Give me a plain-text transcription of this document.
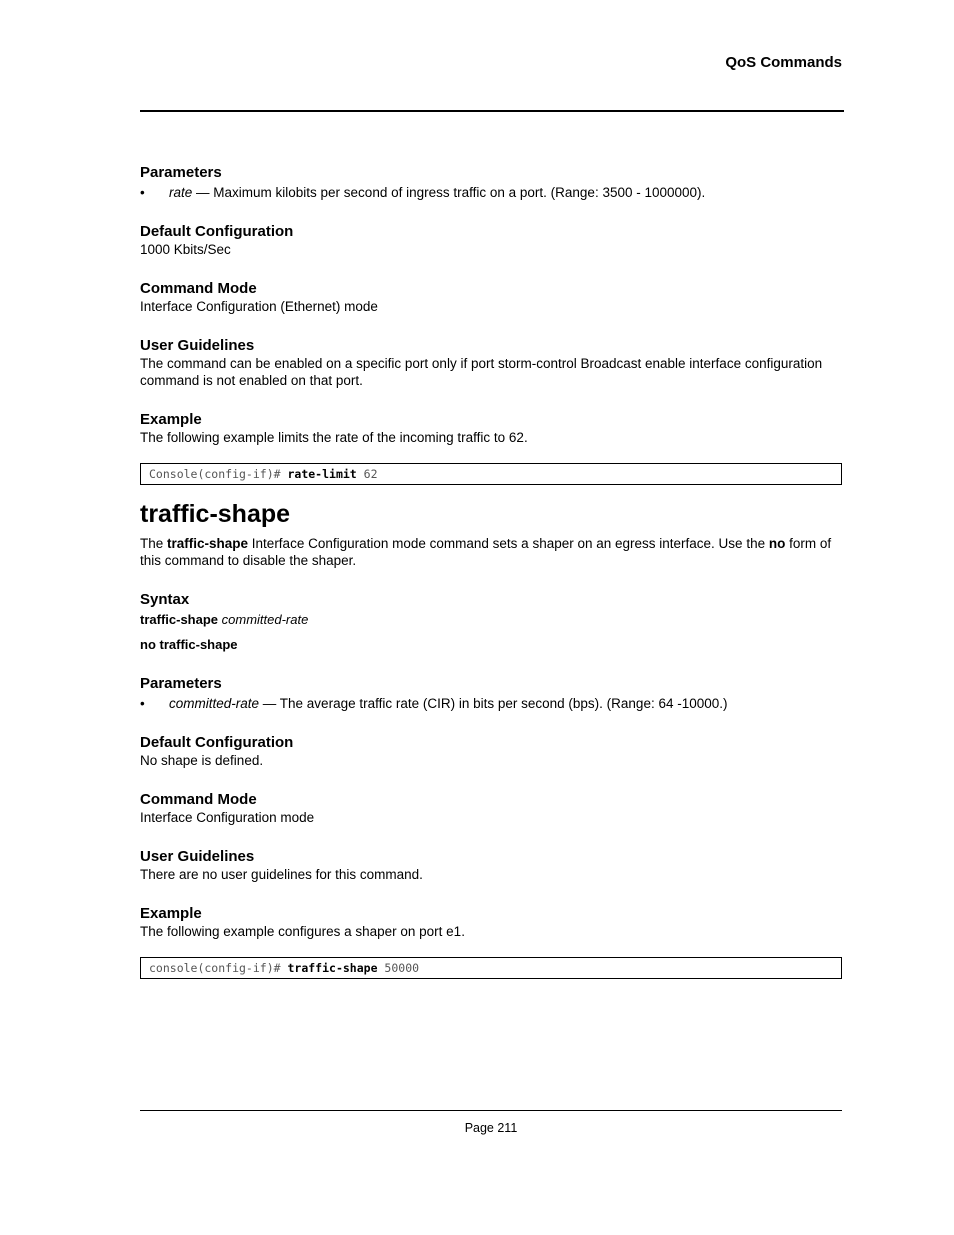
QoS Commands
Parameters
•	rate — Maximum kilobits per second of ingress traffic on a port. (Range: 3500 - 1000000).
Default Configuration

1000 Kbits/Sec

Command Mode

Interface Configuration (Ethernet) mode

User Guidelines

The command can be enabled on a specific port only if port storm-control Broadcast enable interface configuration command is not enabled on that port.

Example

The following example limits the rate of the incoming traffic to 62.

Console(config-if)# rate-limit 62
traffic-shape

The traffic-shape Interface Configuration mode command sets a shaper on an egress interface. Use the no form of this command to disable the shaper.

Syntax
traffic-shape committed-rate
no traffic-shape
Parameters
•	committed-rate — The average traffic rate (CIR) in bits per second (bps). (Range: 64 -10000.)
Default Configuration

No shape is defined.

Command Mode

Interface Configuration mode

User Guidelines

There are no user guidelines for this command.

Example

The following example configures a shaper on port e1.

console(config-if)# traffic-shape 50000
Page 211
